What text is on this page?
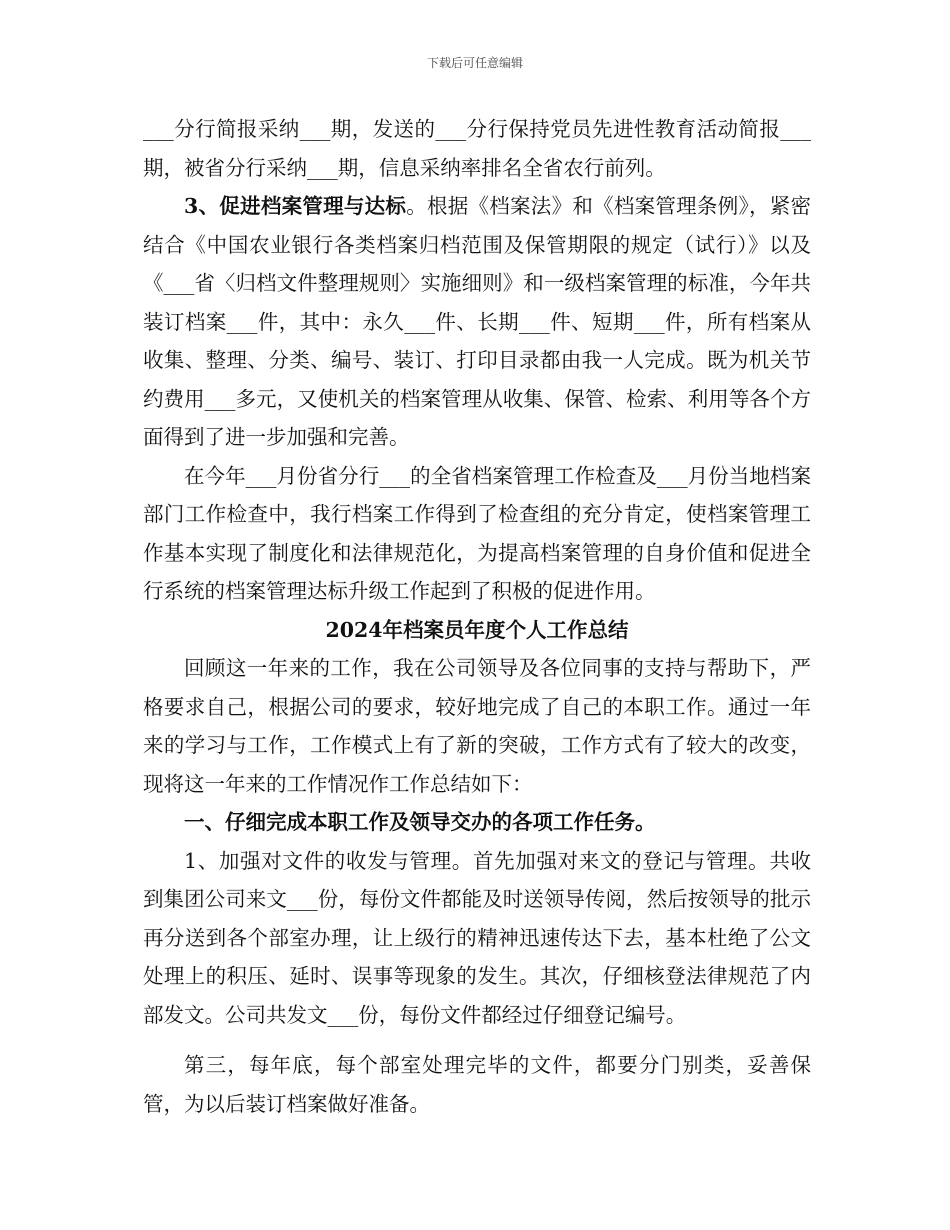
下载后可任意编辑

___分行简报采纳___期，发送的___分行保持党员先进性教育活动简报___期，被省分行采纳___期，信息采纳率排名全省农行前列。

3、促进档案管理与达标。根据《档案法》和《档案管理条例》，紧密结合《中国农业银行各类档案归档范围及保管期限的规定（试行）》以及《___省〈归档文件整理规则〉实施细则》和一级档案管理的标准，今年共装订档案___件，其中：永久___件、长期___件、短期___件，所有档案从收集、整理、分类、编号、装订、打印目录都由我一人完成。既为机关节约费用___多元，又使机关的档案管理从收集、保管、检索、利用等各个方面得到了进一步加强和完善。

在今年___月份省分行___的全省档案管理工作检查及___月份当地档案部门工作检查中，我行档案工作得到了检查组的充分肯定，使档案管理工作基本实现了制度化和法律规范化，为提高档案管理的自身价值和促进全行系统的档案管理达标升级工作起到了积极的促进作用。

2024年档案员年度个人工作总结

回顾这一年来的工作，我在公司领导及各位同事的支持与帮助下，严格要求自己，根据公司的要求，较好地完成了自己的本职工作。通过一年来的学习与工作，工作模式上有了新的突破，工作方式有了较大的改变，现将这一年来的工作情况作工作总结如下：

一、仔细完成本职工作及领导交办的各项工作任务。

1、加强对文件的收发与管理。首先加强对来文的登记与管理。共收到集团公司来文___份，每份文件都能及时送领导传阅，然后按领导的批示再分送到各个部室办理，让上级行的精神迅速传达下去，基本杜绝了公文处理上的积压、延时、误事等现象的发生。其次，仔细核登法律规范了内部发文。公司共发文___份，每份文件都经过仔细登记编号。

第三，每年底，每个部室处理完毕的文件，都要分门别类，妥善保管，为以后装订档案做好准备。
